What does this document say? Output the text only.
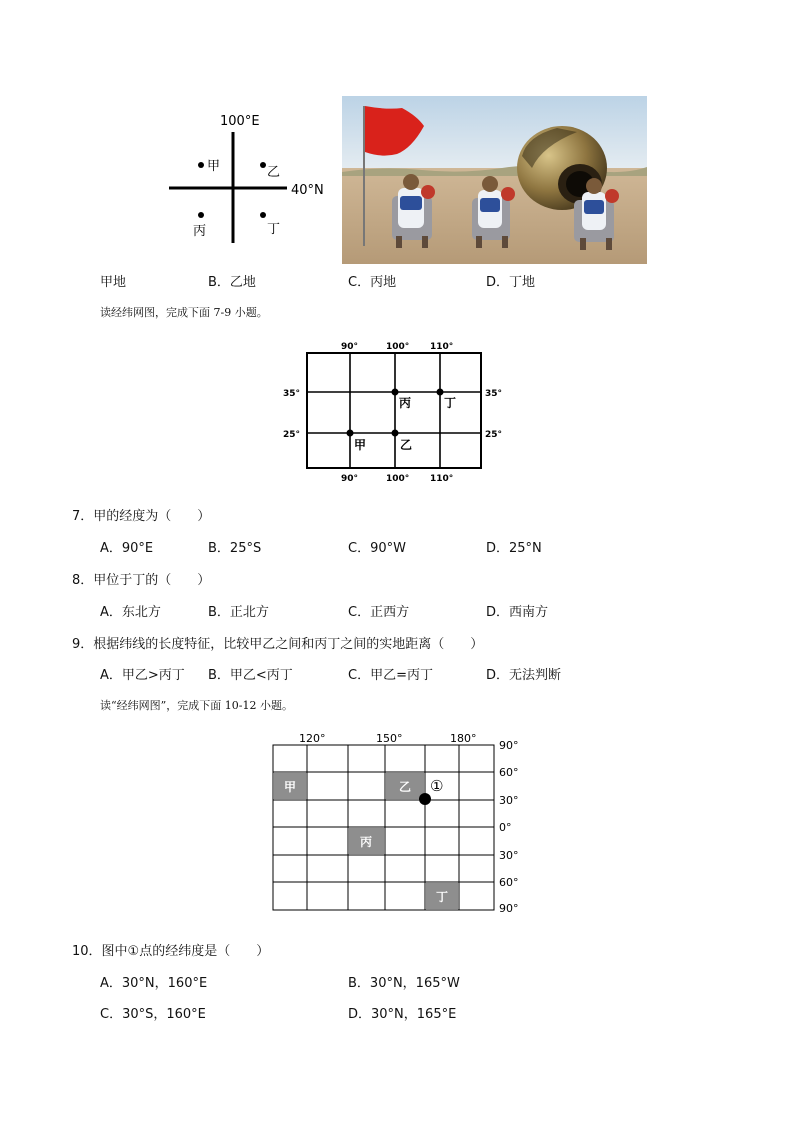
100°E
40°N
甲	乙
丙	丁
甲地	B．乙地	C．丙地	D．丁地
读经纬网图，完成下面 7-9 小题。
90°	100° 110°
90°	100° 110°
35°
25°
35°
25°
甲	乙
丙	丁
7．甲的经度为（　　）
A．90°E	B．25°S	C．90°W	D．25°N
8．甲位于丁的（　　）
A．东北方	B．正北方	C．正西方	D．西南方
9．根据纬线的长度特征，比较甲乙之间和丙丁之间的实地距离（　　）
A．甲乙>丙丁 B．甲乙<丙丁	C．甲乙=丙丁	D．无法判断
读“经纬网图”，完成下面 10-12 小题。
甲	乙
丙
丁
①
120°	150°	180°
90°
60°
30°
0°
30°
60°
90°
10．图中①点的经纬度是（　　）
A．30°N，160°E	B．30°N，165°W
C．30°S，160°E	D．30°N，165°E
